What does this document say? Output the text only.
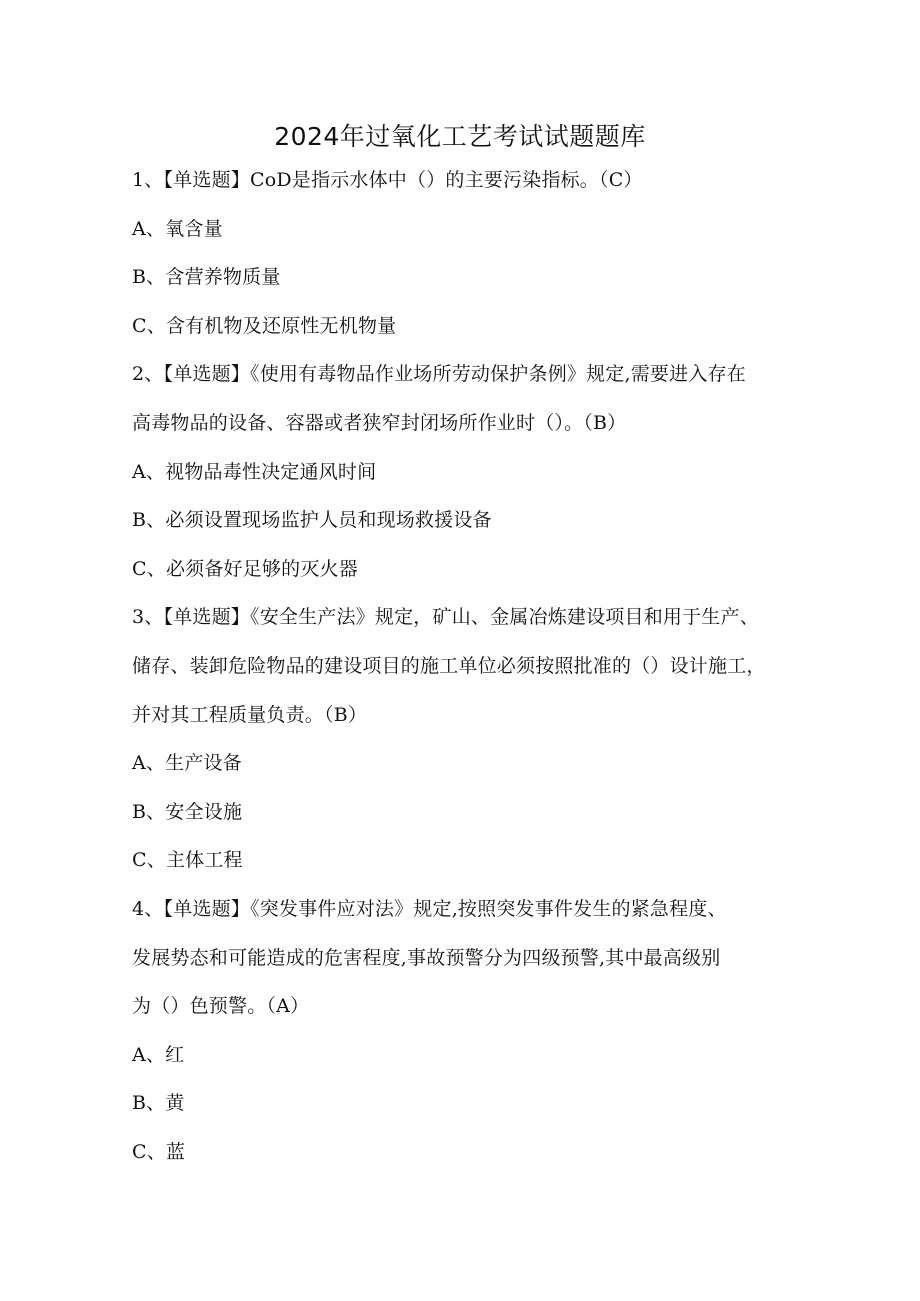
2024年过氧化工艺考试试题题库
1、【单选题】CoD是指示水体中（）的主要污染指标。（C）
A、氧含量
B、含营养物质量
C、含有机物及还原性无机物量
2、【单选题】《使用有毒物品作业场所劳动保护条例》规定,需要进入存在
高毒物品的设备、容器或者狭窄封闭场所作业时（）。（B）
A、视物品毒性决定通风时间
B、必须设置现场监护人员和现场救援设备
C、必须备好足够的灭火器
3、【单选题】《安全生产法》规定，矿山、金属冶炼建设项目和用于生产、
储存、装卸危险物品的建设项目的施工单位必须按照批准的（）设计施工，
并对其工程质量负责。（B）
A、生产设备
B、安全设施
C、主体工程
4、【单选题】《突发事件应对法》规定,按照突发事件发生的紧急程度、
发展势态和可能造成的危害程度,事故预警分为四级预警,其中最高级别
为（）色预警。（A）
A、红
B、黄
C、蓝
